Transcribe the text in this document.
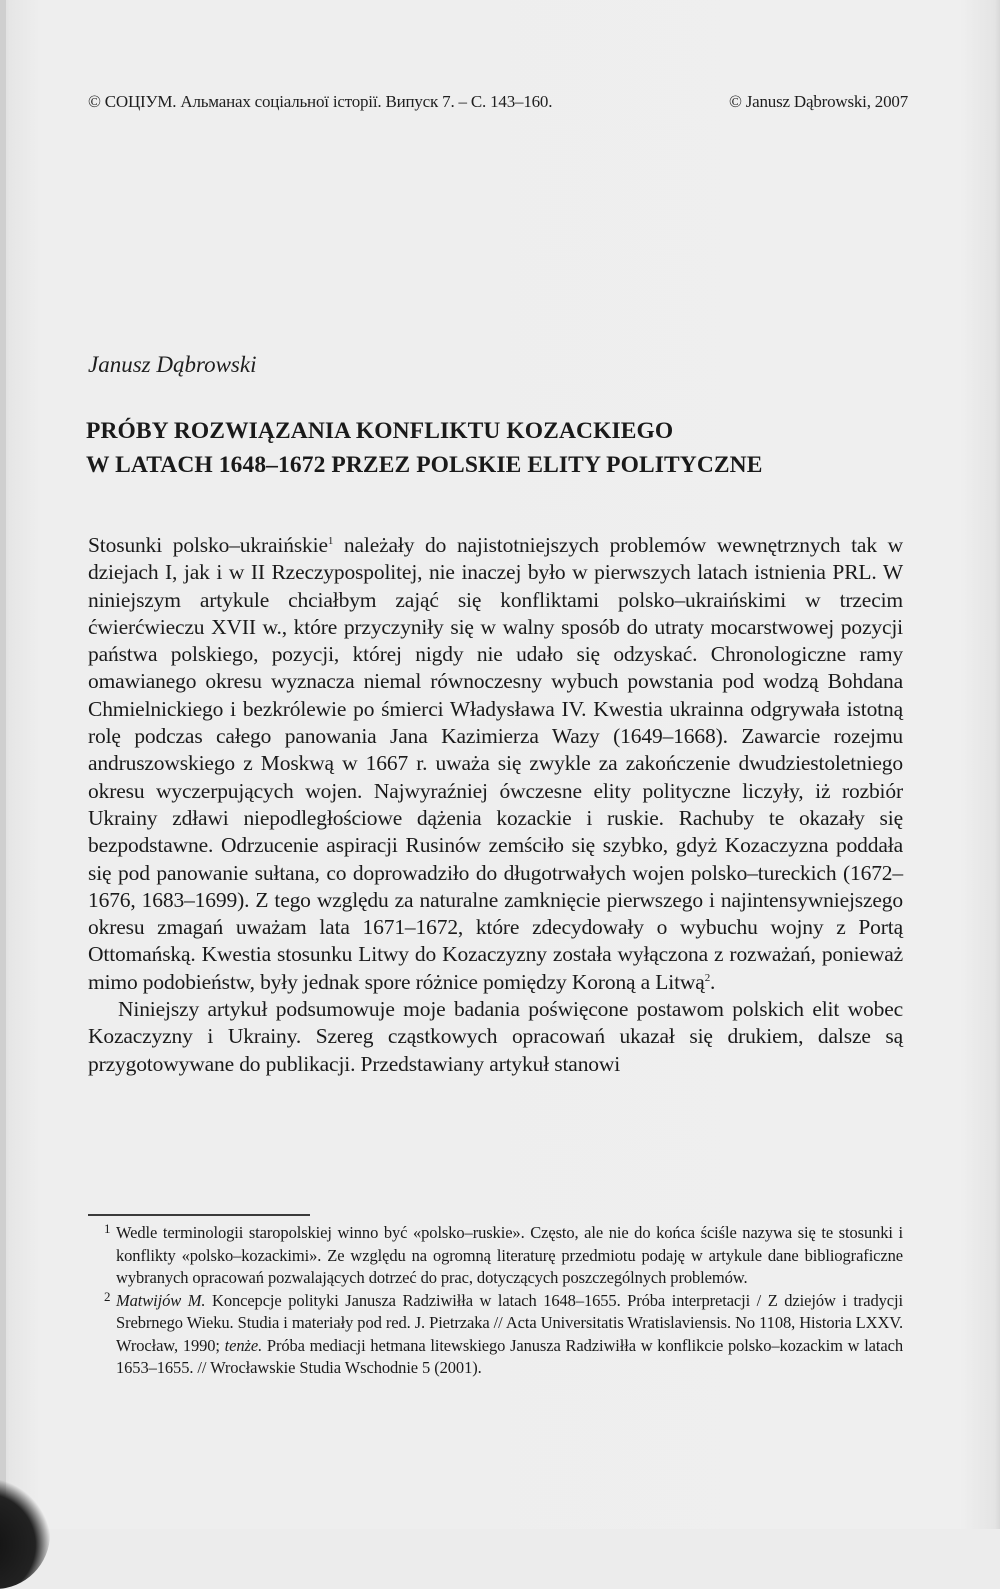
© СОЦІУМ. Альманах соціальної історії. Випуск 7. – С. 143–160.	© Janusz Dąbrowski, 2007
Janusz Dąbrowski
PRÓBY ROZWIĄZANIA KONFLIKTU KOZACKIEGO
W LATACH 1648–1672 PRZEZ POLSKIE ELITY POLITYCZNE

Stosunki polsko–ukraińskie$^1$ należały do najistotniejszych problemów wewnętrznych tak w dziejach I, jak i w II Rzeczypospolitej, nie inaczej było w pierwszych latach istnienia PRL. W niniejszym artykule chciałbym zająć się konfliktami polsko–ukraińskimi w trzecim ćwierćwieczu XVII w., które przyczyniły się w walny sposób do utraty mocarstwowej pozycji państwa polskiego, pozycji, której nigdy nie udało się odzyskać. Chronologiczne ramy omawianego okresu wyznacza niemal równoczesny wybuch powstania pod wodzą Bohdana Chmielnickiego i bezkrólewie po śmierci Władysława IV. Kwestia ukrainna odgrywała istotną rolę podczas całego panowania Jana Kazimierza Wazy (1649–1668). Zawarcie rozejmu andruszowskiego z Moskwą w 1667 r. uważa się zwykle za zakończenie dwudziestoletniego okresu wyczerpujących wojen. Najwyraźniej ówczesne elity polityczne liczyły, iż rozbiór Ukrainy zdławi niepodległościowe dążenia kozackie i ruskie. Rachuby te okazały się bezpodstawne. Odrzucenie aspiracji Rusinów zemściło się szybko, gdyż Kozaczyzna poddała się pod panowanie sułtana, co doprowadziło do długotrwałych wojen polsko–tureckich (1672–1676, 1683–1699). Z tego względu za naturalne zamknięcie pierwszego i najintensywniejszego okresu zmagań uważam lata 1671–1672, które zdecydowały o wybuchu wojny z Portą Ottomańską. Kwestia stosunku Litwy do Kozaczyzny została wyłączona z rozważań, ponieważ mimo podobieństw, były jednak spore różnice pomiędzy Koroną a Litwą$^2$.

Niniejszy artykuł podsumowuje moje badania poświęcone postawom polskich elit wobec Kozaczyzny i Ukrainy. Szereg cząstkowych opracowań ukazał się drukiem, dalsze są przygotowywane do publikacji. Przedstawiany artykuł stanowi

1 Wedle terminologii staropolskiej winno być «polsko–ruskie». Często, ale nie do końca ściśle nazywa się te stosunki i konflikty «polsko–kozackimi». Ze względu na ogromną literaturę przedmiotu podaję w artykule dane bibliograficzne wybranych opracowań pozwalających dotrzeć do prac, dotyczących poszczególnych problemów.

2 Matwijów M. Koncepcje polityki Janusza Radziwiłła w latach 1648–1655. Próba interpretacji / Z dziejów i tradycji Srebrnego Wieku. Studia i materiały pod red. J. Pietrzaka // Acta Universitatis Wratislaviensis. No 1108, Historia LXXV. Wrocław, 1990; tenże. Próba mediacji hetmana litewskiego Janusza Radziwiłła w konflikcie polsko–kozackim w latach 1653–1655. // Wrocławskie Studia Wschodnie 5 (2001).
